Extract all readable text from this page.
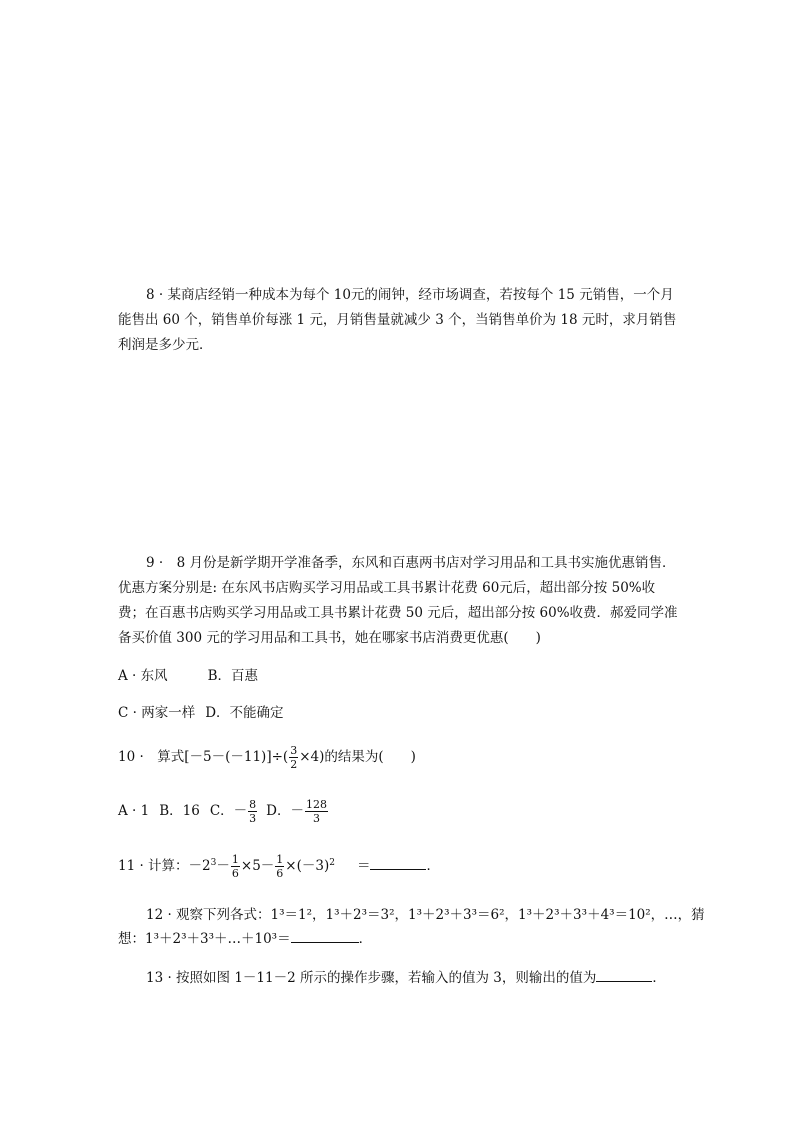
8 · 某商店经销一种成本为每个 10元的闹钟，经市场调查，若按每个 15 元销售，一个月能售出 60 个，销售单价每涨 1 元，月销售量就减少 3 个，当销售单价为 18 元时，求月销售利润是多少元．
9 ·　8 月份是新学期开学准备季，东风和百惠两书店对学习用品和工具书实施优惠销售．优惠方案分别是: 在东风书店购买学习用品或工具书累计花费 60元后，超出部分按 50%收费；在百惠书店购买学习用品或工具书累计花费 50 元后，超出部分按 60%收费．郝爱同学准备买价值 300 元的学习用品和工具书，她在哪家书店消费更优惠(　　)
A · 东风	B．百惠
C · 两家一样 D．不能确定
10 ·　算式$[-5-(-11)]\div( \frac{3}{2} \times 4)$的结果为(　　)
A · 1 B．16 C．－ $\frac{8}{3}$ D．－ $\frac{128}{3}$
11 · 计算：$-2^3- \frac{1}{6} \times 5- \frac{1}{6} \times(-3)^2$ ＝	．
12 · 观察下列各式：1³＝1²，1³＋2³＝3²，1³＋2³＋3³＝6²，1³＋2³＋3³＋4³＝10²，…，猜
想：1³＋2³＋3³＋…＋10³＝	．
13 · 按照如图 1－11－2 所示的操作步骤，若输入的值为 3，则输出的值为	．
